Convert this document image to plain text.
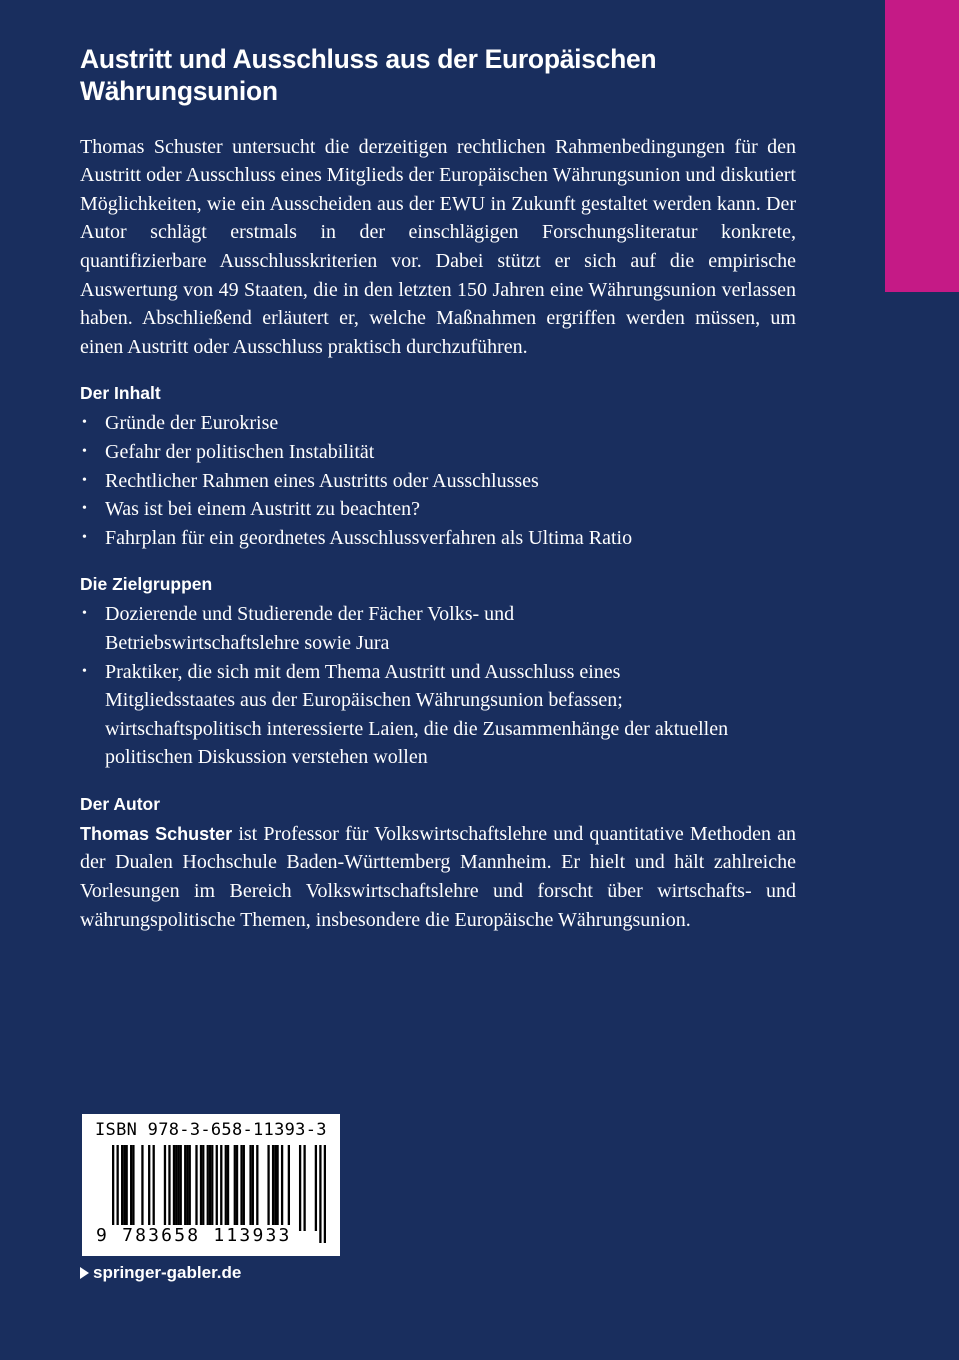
Austritt und Ausschluss aus der Europäischen Währungsunion

Thomas Schuster untersucht die derzeitigen rechtlichen Rahmenbedingungen für den Austritt oder Ausschluss eines Mitglieds der Europäischen Währungsunion und diskutiert Möglichkeiten, wie ein Ausscheiden aus der EWU in Zukunft gestaltet werden kann. Der Autor schlägt erstmals in der einschlägigen Forschungsliteratur konkrete, quantifizierbare Ausschlusskriterien vor. Dabei stützt er sich auf die empirische Auswertung von 49 Staaten, die in den letzten 150 Jahren eine Währungsunion verlassen haben. Abschließend erläutert er, welche Maßnahmen ergriffen werden müssen, um einen Austritt oder Ausschluss praktisch durchzuführen.

Der Inhalt
• Gründe der Eurokrise
• Gefahr der politischen Instabilität
• Rechtlicher Rahmen eines Austritts oder Ausschlusses
• Was ist bei einem Austritt zu beachten?
• Fahrplan für ein geordnetes Ausschlussverfahren als Ultima Ratio
Die Zielgruppen
• Dozierende und Studierende der Fächer Volks- und Betriebswirtschaftslehre sowie Jura
• Praktiker, die sich mit dem Thema Austritt und Ausschluss eines Mitgliedsstaates aus der Europäischen Währungsunion befassen; wirtschaftspolitisch interessierte Laien, die die Zusammenhänge der aktuellen politischen Diskussion verstehen wollen
Der Autor

Thomas Schuster ist Professor für Volkswirtschaftslehre und quantitative Methoden an der Dualen Hochschule Baden-Württemberg Mannheim. Er hielt und hält zahlreiche Vorlesungen im Bereich Volkswirtschaftslehre und forscht über wirtschafts- und währungspolitische Themen, insbesondere die Europäische Währungsunion.

ISBN 978-3-658-11393-3
9 783658 113933
springer-gabler.de
